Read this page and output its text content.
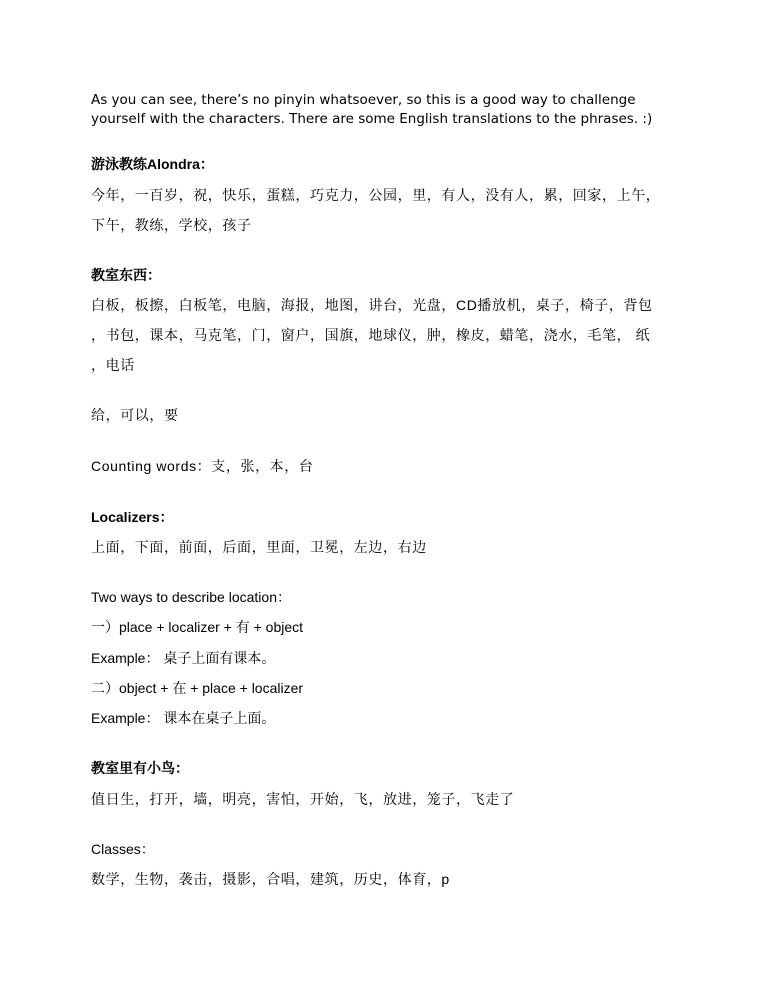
As you can see, there’s no pinyin whatsoever, so this is a good way to challenge
yourself with the characters. There are some English translations to the phrases. :)
游泳教练Alondra：
今年，一百岁，祝，快乐，蛋糕，巧克力，公园，里，有人，没有人，累，回家，上午，
下午，教练，学校，孩子
教室东西：
白板，板擦，白板笔，电脑，海报，地图，讲台，光盘，CD播放机，桌子，椅子，背包
，书包，课本，马克笔，门，窗户，国旗，地球仪，肿，橡皮，蜡笔，浇水，毛笔， 纸
，电话
给，可以，要
Counting words：支，张，本，台
Localizers：
上面，下面，前面，后面，里面，卫冕，左边，右边
Two ways to describe location：
一）place + localizer + 有 + object
Example： 桌子上面有课本。
二）object + 在 + place + localizer
Example： 课本在桌子上面。
教室里有小鸟：
值日生，打开，墙，明亮，害怕，开始，飞，放进，笼子，飞走了
Classes：
数学，生物，袭击，摄影，合唱，建筑，历史，体育，p
